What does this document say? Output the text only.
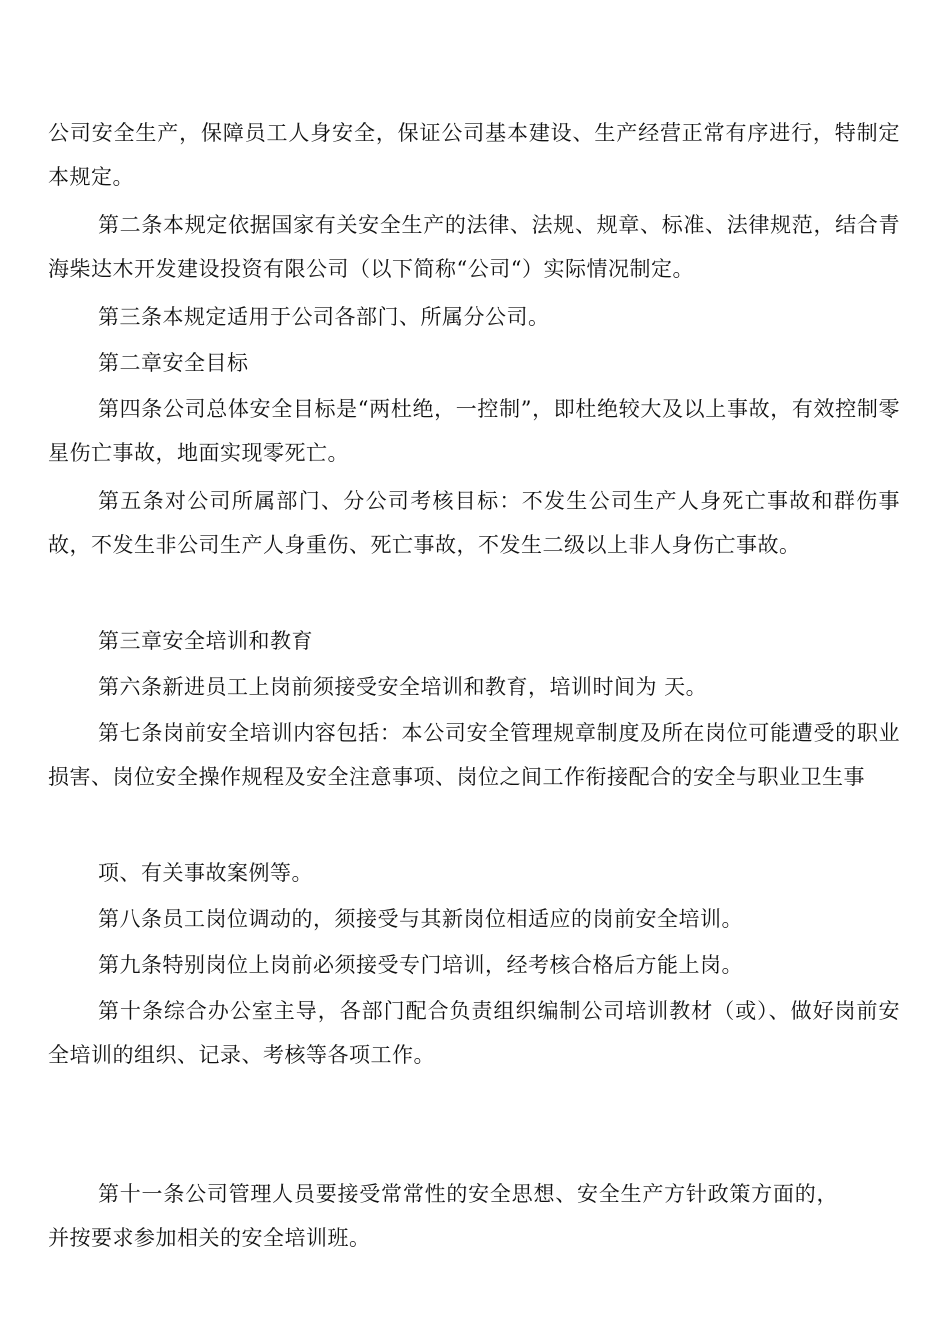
公司安全生产，保障员工人身安全，保证公司基本建设、生产经营正常有序进行，特制定本规定。

第二条本规定依据国家有关安全生产的法律、法规、规章、标准、法律规范，结合青海柴达木开发建设投资有限公司（以下简称“公司“）实际情况制定。

第三条本规定适用于公司各部门、所属分公司。

第二章安全目标

第四条公司总体安全目标是“两杜绝，一控制”，即杜绝较大及以上事故，有效控制零星伤亡事故，地面实现零死亡。

第五条对公司所属部门、分公司考核目标：不发生公司生产人身死亡事故和群伤事故，不发生非公司生产人身重伤、死亡事故，不发生二级以上非人身伤亡事故。

第三章安全培训和教育

第六条新进员工上岗前须接受安全培训和教育，培训时间为 天。

第七条岗前安全培训内容包括：本公司安全管理规章制度及所在岗位可能遭受的职业损害、岗位安全操作规程及安全注意事项、岗位之间工作衔接配合的安全与职业卫生事

项、有关事故案例等。

第八条员工岗位调动的，须接受与其新岗位相适应的岗前安全培训。

第九条特别岗位上岗前必须接受专门培训，经考核合格后方能上岗。

第十条综合办公室主导，各部门配合负责组织编制公司培训教材（或）、做好岗前安全培训的组织、记录、考核等各项工作。

第十一条公司管理人员要接受常常性的安全思想、安全生产方针政策方面的，并按要求参加相关的安全培训班。
